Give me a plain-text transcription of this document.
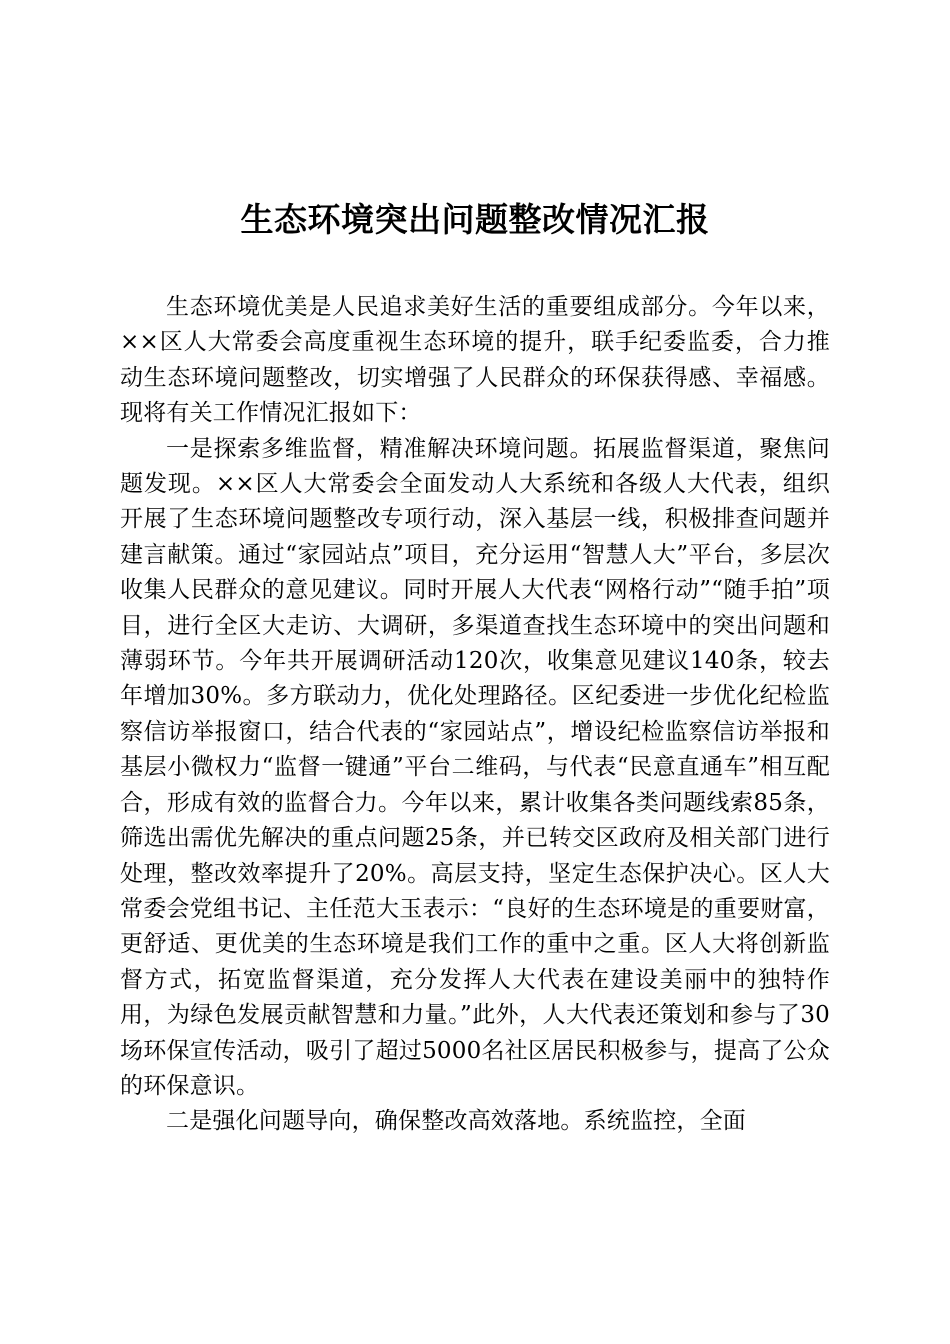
生态环境突出问题整改情况汇报

生态环境优美是人民追求美好生活的重要组成部分。今年以来，××区人大常委会高度重视生态环境的提升，联手纪委监委，合力推动生态环境问题整改，切实增强了人民群众的环保获得感、幸福感。现将有关工作情况汇报如下：

一是探索多维监督，精准解决环境问题。拓展监督渠道，聚焦问题发现。××区人大常委会全面发动人大系统和各级人大代表，组织开展了生态环境问题整改专项行动，深入基层一线，积极排查问题并建言献策。通过“家园站点”项目，充分运用“智慧人大”平台，多层次收集人民群众的意见建议。同时开展人大代表“网格行动”“随手拍”项目，进行全区大走访、大调研，多渠道查找生态环境中的突出问题和薄弱环节。今年共开展调研活动120次，收集意见建议140条，较去年增加30%。多方联动力，优化处理路径。区纪委进一步优化纪检监察信访举报窗口，结合代表的“家园站点”，增设纪检监察信访举报和基层小微权力“监督一键通”平台二维码，与代表“民意直通车”相互配合，形成有效的监督合力。今年以来，累计收集各类问题线索85条，筛选出需优先解决的重点问题25条，并已转交区政府及相关部门进行处理，整改效率提升了20%。高层支持，坚定生态保护决心。区人大常委会党组书记、主任范大玉表示：“良好的生态环境是的重要财富，更舒适、更优美的生态环境是我们工作的重中之重。区人大将创新监督方式，拓宽监督渠道，充分发挥人大代表在建设美丽中的独特作用，为绿色发展贡献智慧和力量。”此外，人大代表还策划和参与了30场环保宣传活动，吸引了超过5000名社区居民积极参与，提高了公众的环保意识。

二是强化问题导向，确保整改高效落地。系统监控，全面
